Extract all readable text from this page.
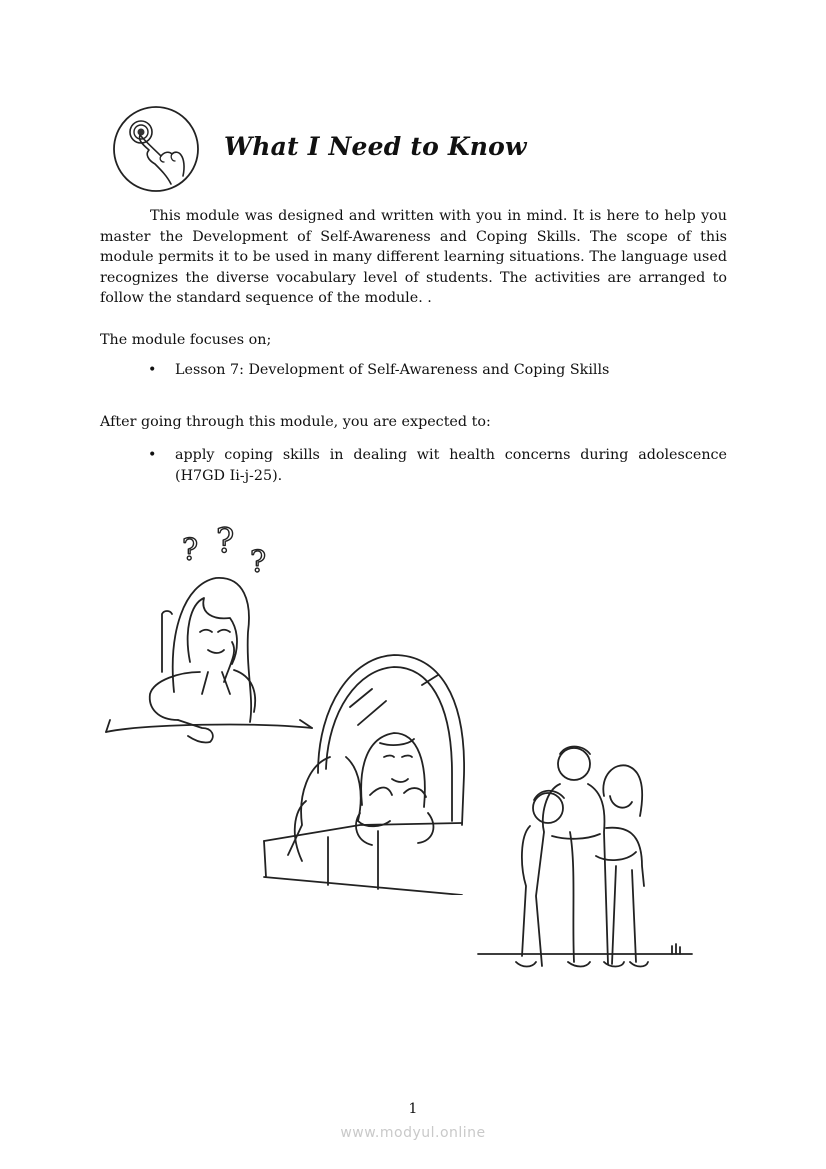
What I Need to Know

This module was designed and written with you in mind. It is here to help you master the Development of Self-Awareness and Coping Skills. The scope of this module permits it to be used in many different learning situations. The language used recognizes the diverse vocabulary level of students. The activities are arranged to follow the standard sequence of the module. .

The module focuses on;

• Lesson 7: Development of Self-Awareness and Coping Skills

After going through this module, you are expected to:

• apply coping skills in dealing wit health concerns during adolescence (H7GD Ii-j-25).
? ?
?

1

www.modyul.online
